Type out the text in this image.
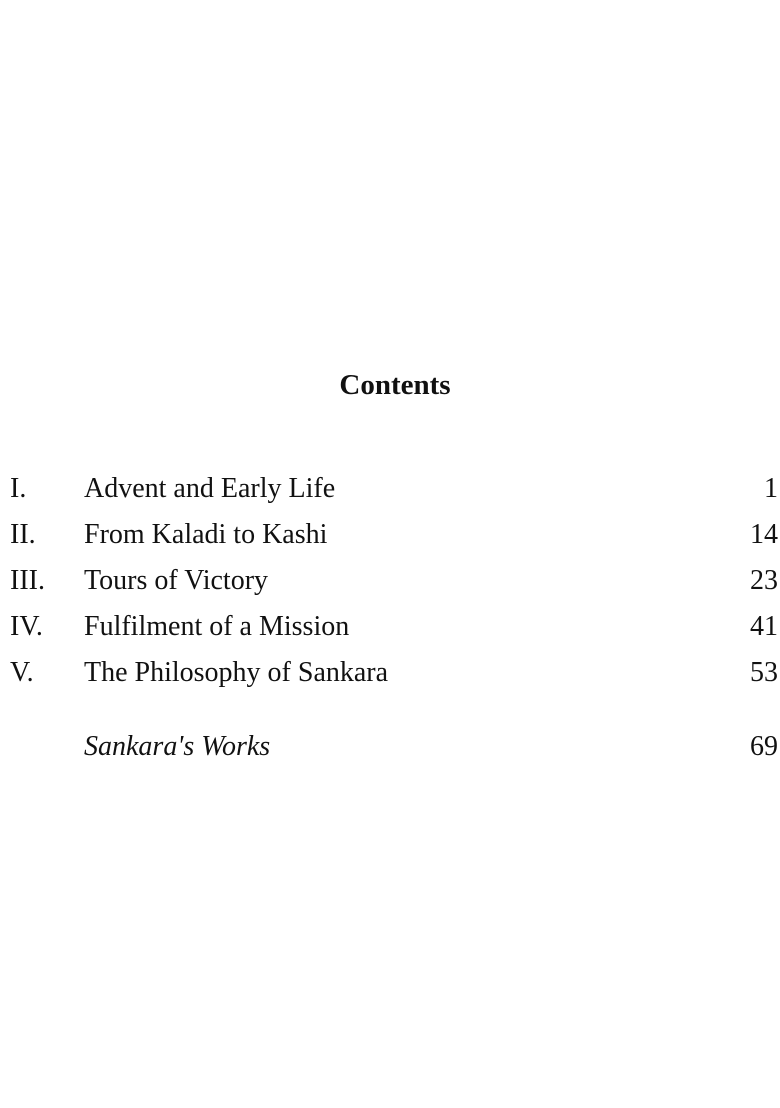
Contents
I. Advent and Early Life	1
II. From Kaladi to Kashi	14
III. Tours of Victory	23
IV. Fulfilment of a Mission	41
V. The Philosophy of Sankara	53
Sankara's Works	69
